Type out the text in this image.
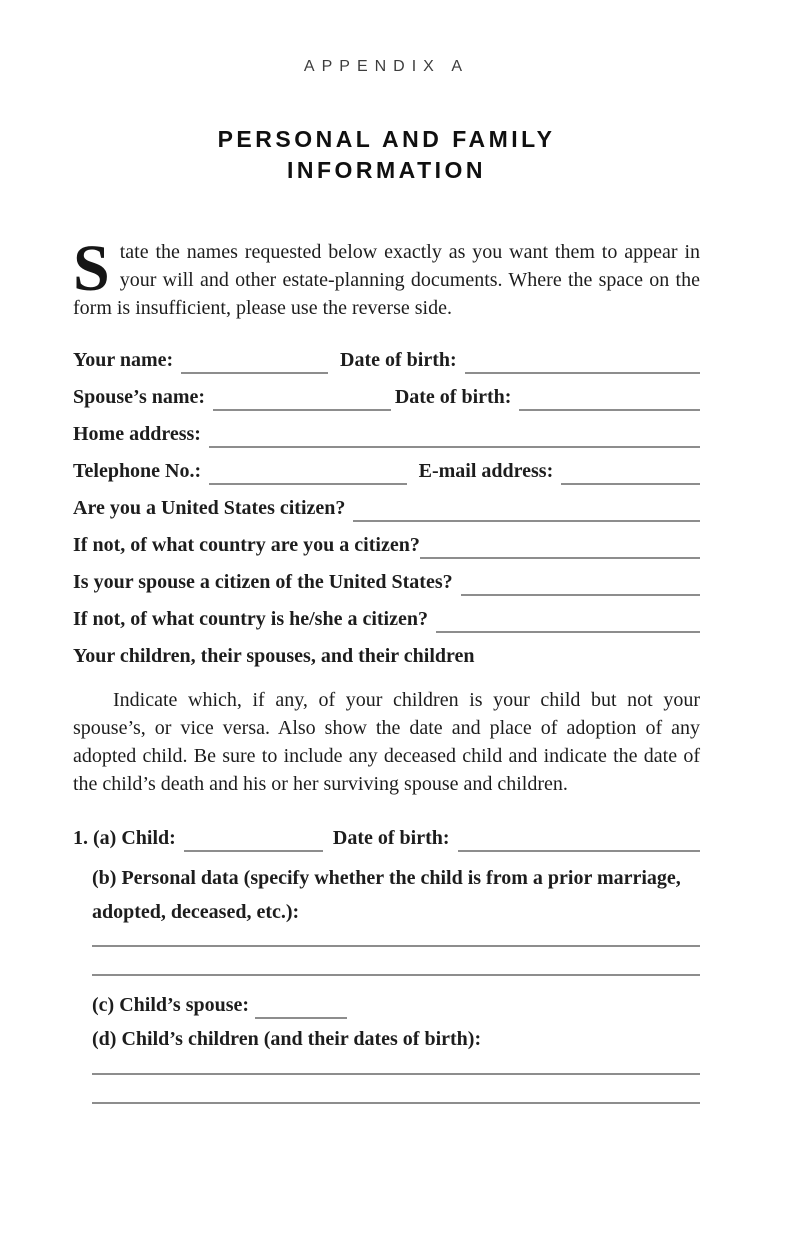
APPENDIX A
PERSONAL AND FAMILY
INFORMATION
State the names requested below exactly as you want them to appear in your will and other estate-planning documents. Where the space on the form is insufficient, please use the reverse side.
Your name:	Date of birth:
Spouse’s name:	Date of birth:
Home address:
Telephone No.:	E-mail address:
Are you a United States citizen?
If not, of what country are you a citizen?
Is your spouse a citizen of the United States?
If not, of what country is he/she a citizen?
Your children, their spouses, and their children
Indicate which, if any, of your children is your child but not your spouse’s, or vice versa. Also show the date and place of adoption of any adopted child. Be sure to include any deceased child and indicate the date of the child’s death and his or her surviving spouse and children.
1. (a) Child:	Date of birth:
(b) Personal data (specify whether the child is from a prior marriage, adopted, deceased, etc.):
(c) Child’s spouse:
(d) Child’s children (and their dates of birth):
